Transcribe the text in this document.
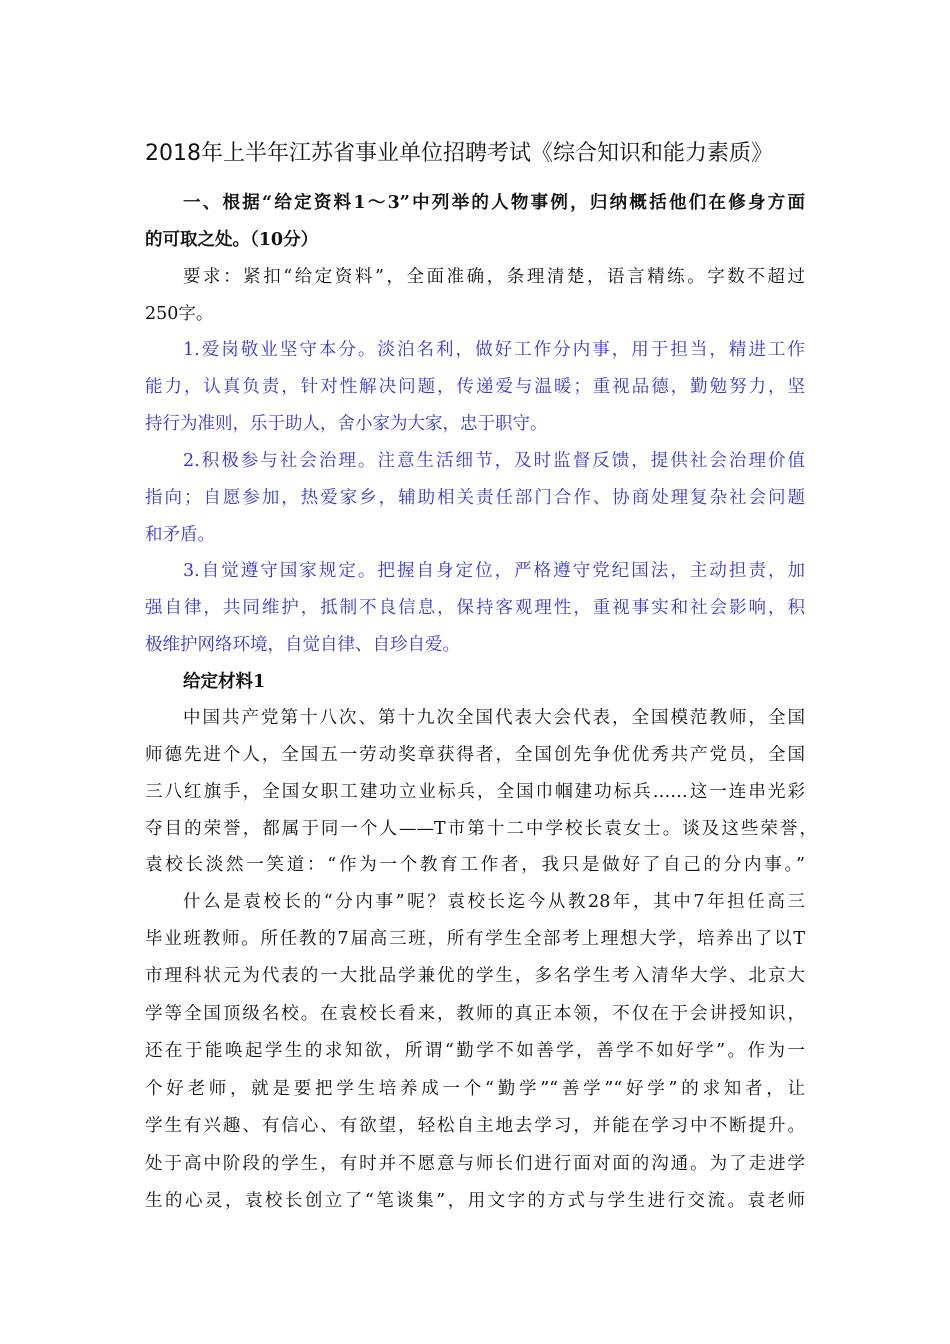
2018年上半年江苏省事业单位招聘考试《综合知识和能力素质》
一、根据“给定资料1～3”中列举的人物事例，归纳概括他们在修身方面
的可取之处。（10分）
要求：紧扣“给定资料”，全面准确，条理清楚，语言精练。字数不超过
250字。
1.爱岗敬业坚守本分。淡泊名利，做好工作分内事，用于担当，精进工作
能力，认真负责，针对性解决问题，传递爱与温暖；重视品德，勤勉努力，坚
持行为准则，乐于助人，舍小家为大家，忠于职守。
2.积极参与社会治理。注意生活细节，及时监督反馈，提供社会治理价值
指向；自愿参加，热爱家乡，辅助相关责任部门合作、协商处理复杂社会问题
和矛盾。
3.自觉遵守国家规定。把握自身定位，严格遵守党纪国法，主动担责，加
强自律，共同维护，抵制不良信息，保持客观理性，重视事实和社会影响，积
极维护网络环境，自觉自律、自珍自爱。
给定材料1
中国共产党第十八次、第十九次全国代表大会代表，全国模范教师，全国
师德先进个人，全国五一劳动奖章获得者，全国创先争优优秀共产党员，全国
三八红旗手，全国女职工建功立业标兵，全国巾帼建功标兵……这一连串光彩
夺目的荣誉，都属于同一个人——T市第十二中学校长袁女士。谈及这些荣誉，
袁校长淡然一笑道：“作为一个教育工作者，我只是做好了自己的分内事。”
什么是袁校长的“分内事”呢？袁校长迄今从教28年，其中7年担任高三
毕业班教师。所任教的7届高三班，所有学生全部考上理想大学，培养出了以T
市理科状元为代表的一大批品学兼优的学生，多名学生考入清华大学、北京大
学等全国顶级名校。在袁校长看来，教师的真正本领，不仅在于会讲授知识，
还在于能唤起学生的求知欲，所谓“勤学不如善学，善学不如好学”。作为一
个好老师，就是要把学生培养成一个“勤学”“善学”“好学”的求知者，让
学生有兴趣、有信心、有欲望，轻松自主地去学习，并能在学习中不断提升。
处于高中阶段的学生，有时并不愿意与师长们进行面对面的沟通。为了走进学
生的心灵，袁校长创立了“笔谈集”，用文字的方式与学生进行交流。袁老师
